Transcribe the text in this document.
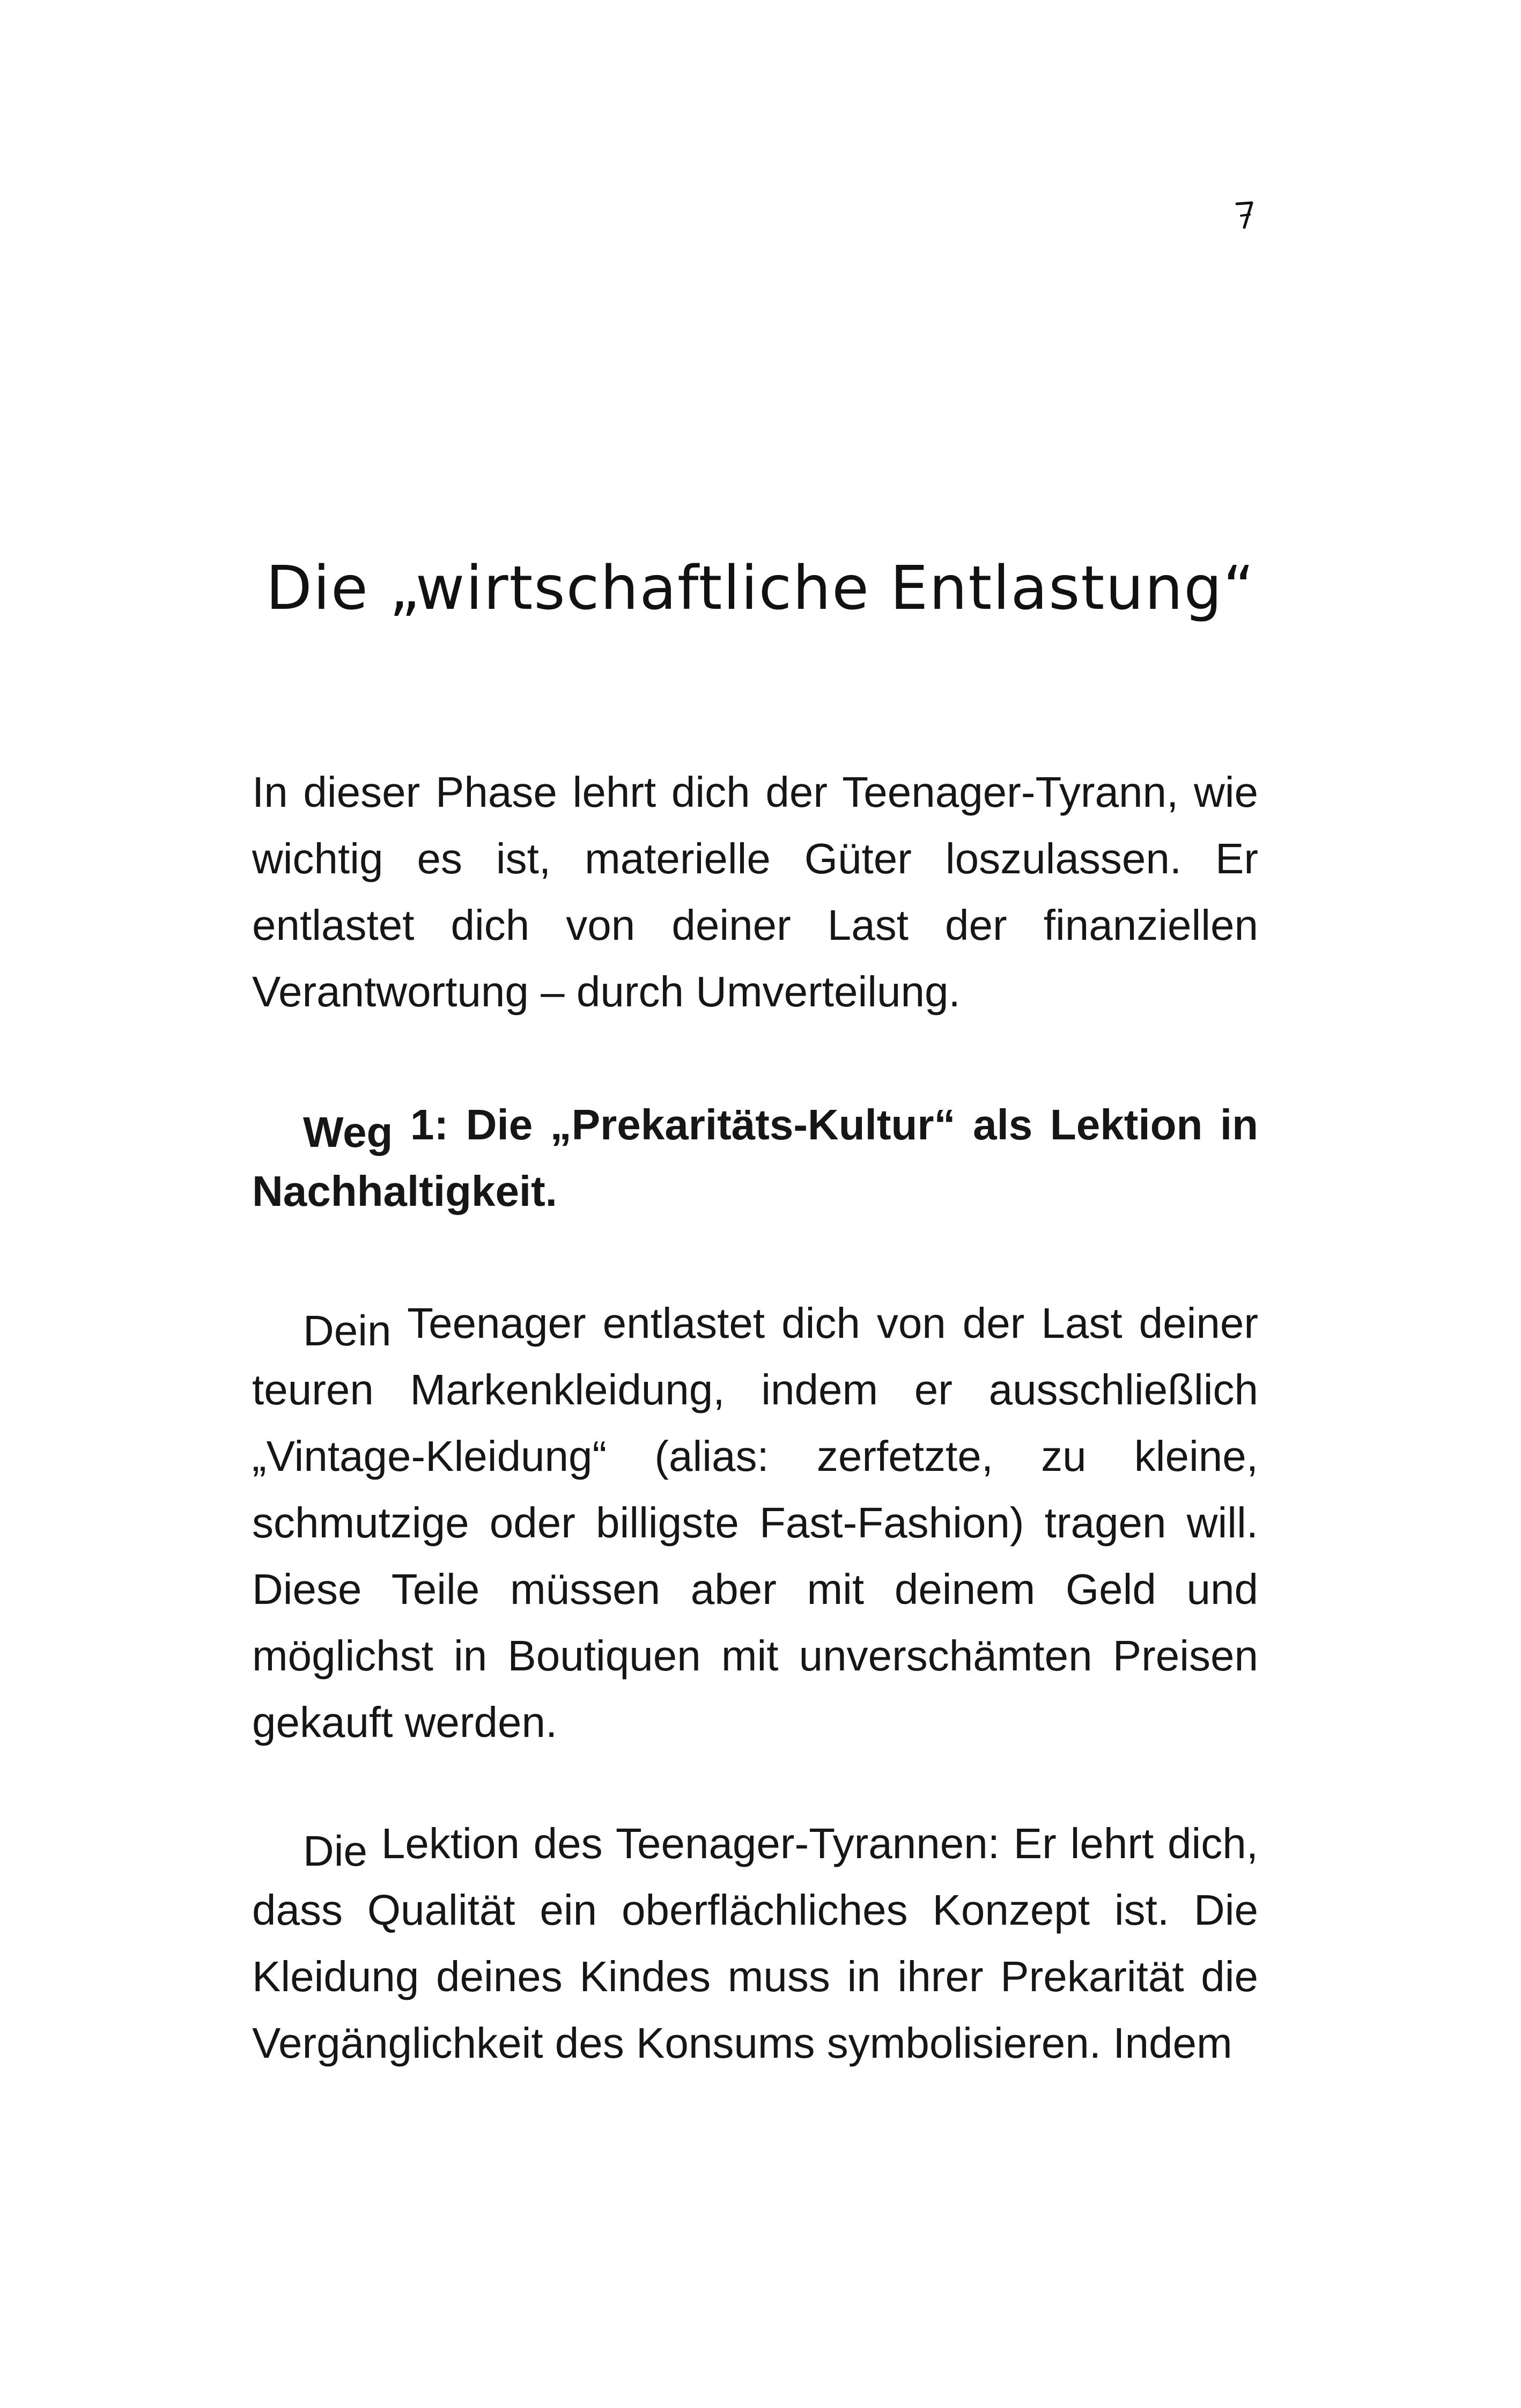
Die „wirtschaftliche Entlastung“

In dieser Phase lehrt dich der Teenager-Tyrann, wie wichtig es ist, materielle Güter loszulassen. Er entlastet dich von deiner Last der finanziellen Verantwortung – durch Umverteilung.

Weg 1: Die „Prekaritäts-Kultur“ als Lektion in Nachhaltigkeit.

Dein Teenager entlastet dich von der Last deiner teuren Markenkleidung, indem er ausschließlich „Vintage-Kleidung“ (alias: zerfetzte, zu kleine, schmutzige oder billigste Fast-Fashion) tragen will. Diese Teile müssen aber mit deinem Geld und möglichst in Boutiquen mit unverschämten Preisen gekauft werden.

Die Lektion des Teenager-Tyrannen: Er lehrt dich, dass Qualität ein oberflächliches Konzept ist. Die Kleidung deines Kindes muss in ihrer Prekarität die Vergänglichkeit des Konsums symbolisieren. Indem
